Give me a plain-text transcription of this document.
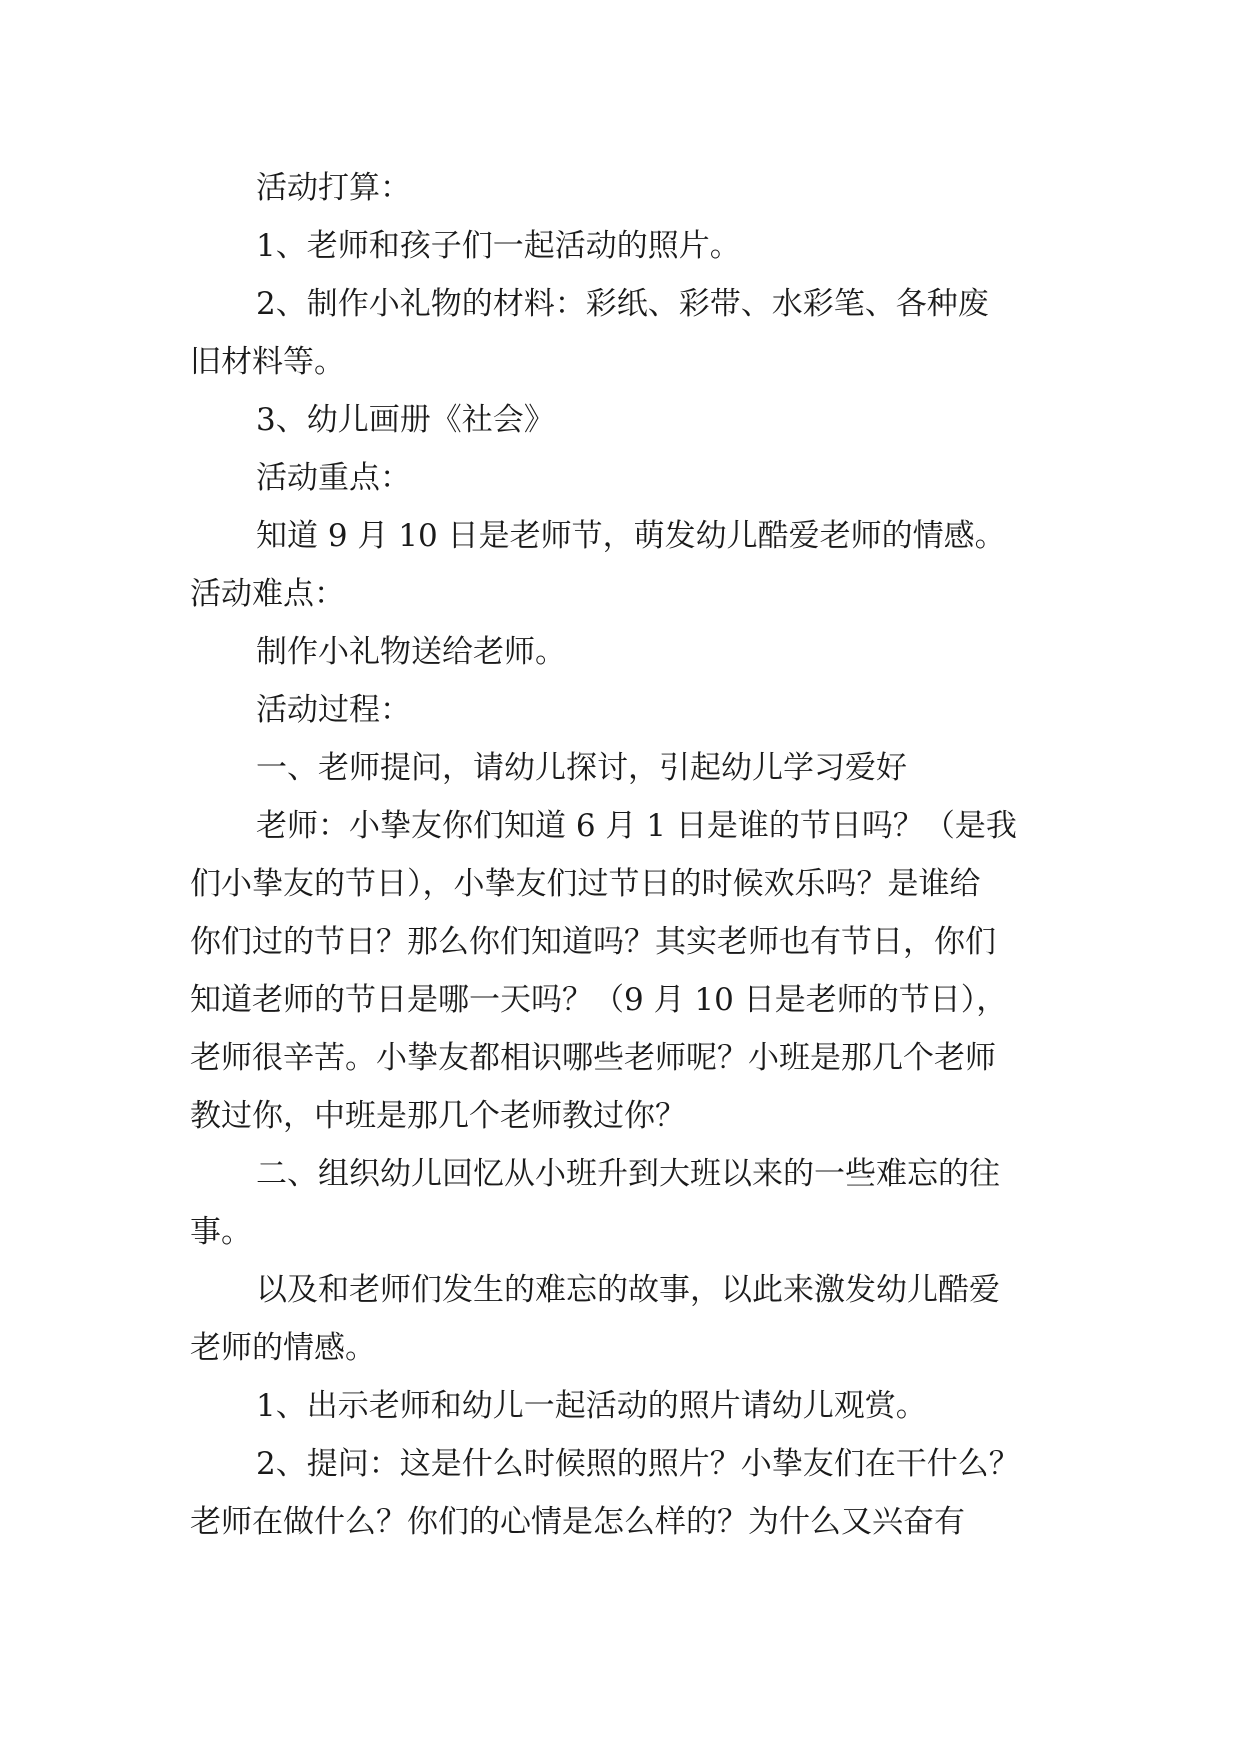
活动打算：

1、老师和孩子们一起活动的照片。

2、制作小礼物的材料：彩纸、彩带、水彩笔、各种废

旧材料等。

3、幼儿画册《社会》

活动重点：

知道 9 月 10 日是老师节，萌发幼儿酷爱老师的情感。

活动难点：

制作小礼物送给老师。

活动过程：

一、老师提问，请幼儿探讨，引起幼儿学习爱好

老师：小挚友你们知道 6 月 1 日是谁的节日吗？（是我

们小挚友的节日），小挚友们过节日的时候欢乐吗？是谁给

你们过的节日？那么你们知道吗？其实老师也有节日，你们

知道老师的节日是哪一天吗？（9 月 10 日是老师的节日），

老师很辛苦。小挚友都相识哪些老师呢？小班是那几个老师

教过你，中班是那几个老师教过你？

二、组织幼儿回忆从小班升到大班以来的一些难忘的往

事。

以及和老师们发生的难忘的故事，以此来激发幼儿酷爱

老师的情感。

1、出示老师和幼儿一起活动的照片请幼儿观赏。

2、提问：这是什么时候照的照片？小挚友们在干什么？

老师在做什么？你们的心情是怎么样的？为什么又兴奋有
